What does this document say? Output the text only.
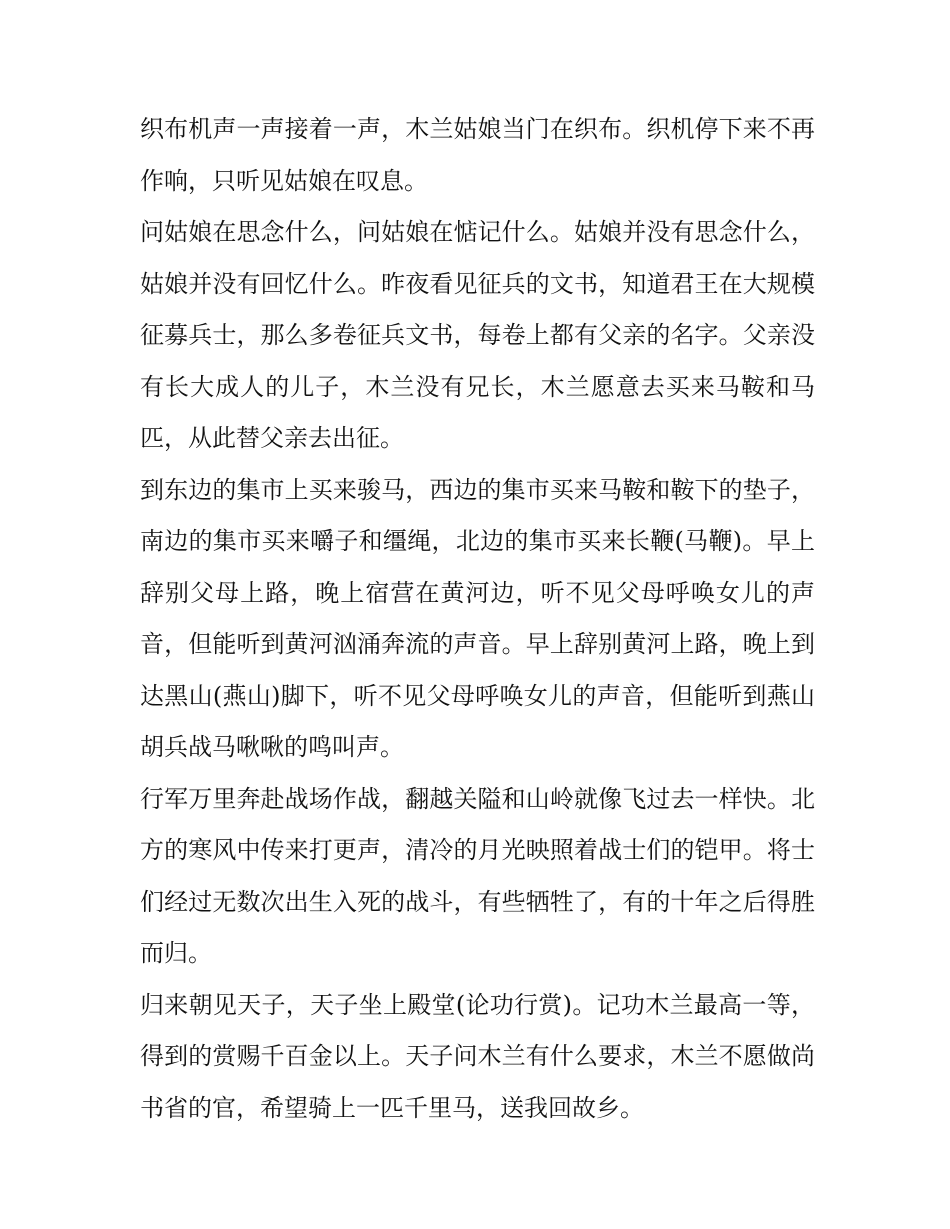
织布机声一声接着一声，木兰姑娘当门在织布。织机停下来不再作响，只听见姑娘在叹息。

问姑娘在思念什么，问姑娘在惦记什么。姑娘并没有思念什么，姑娘并没有回忆什么。昨夜看见征兵的文书，知道君王在大规模征募兵士，那么多卷征兵文书，每卷上都有父亲的名字。父亲没有长大成人的儿子，木兰没有兄长，木兰愿意去买来马鞍和马匹，从此替父亲去出征。

到东边的集市上买来骏马，西边的集市买来马鞍和鞍下的垫子，南边的集市买来嚼子和缰绳，北边的集市买来长鞭(马鞭)。早上辞别父母上路，晚上宿营在黄河边，听不见父母呼唤女儿的声音，但能听到黄河汹涌奔流的声音。早上辞别黄河上路，晚上到达黑山(燕山)脚下，听不见父母呼唤女儿的声音，但能听到燕山胡兵战马啾啾的鸣叫声。

行军万里奔赴战场作战，翻越关隘和山岭就像飞过去一样快。北方的寒风中传来打更声，清冷的月光映照着战士们的铠甲。将士们经过无数次出生入死的战斗，有些牺牲了，有的十年之后得胜而归。

归来朝见天子，天子坐上殿堂(论功行赏)。记功木兰最高一等，得到的赏赐千百金以上。天子问木兰有什么要求，木兰不愿做尚书省的官，希望骑上一匹千里马，送我回故乡。
